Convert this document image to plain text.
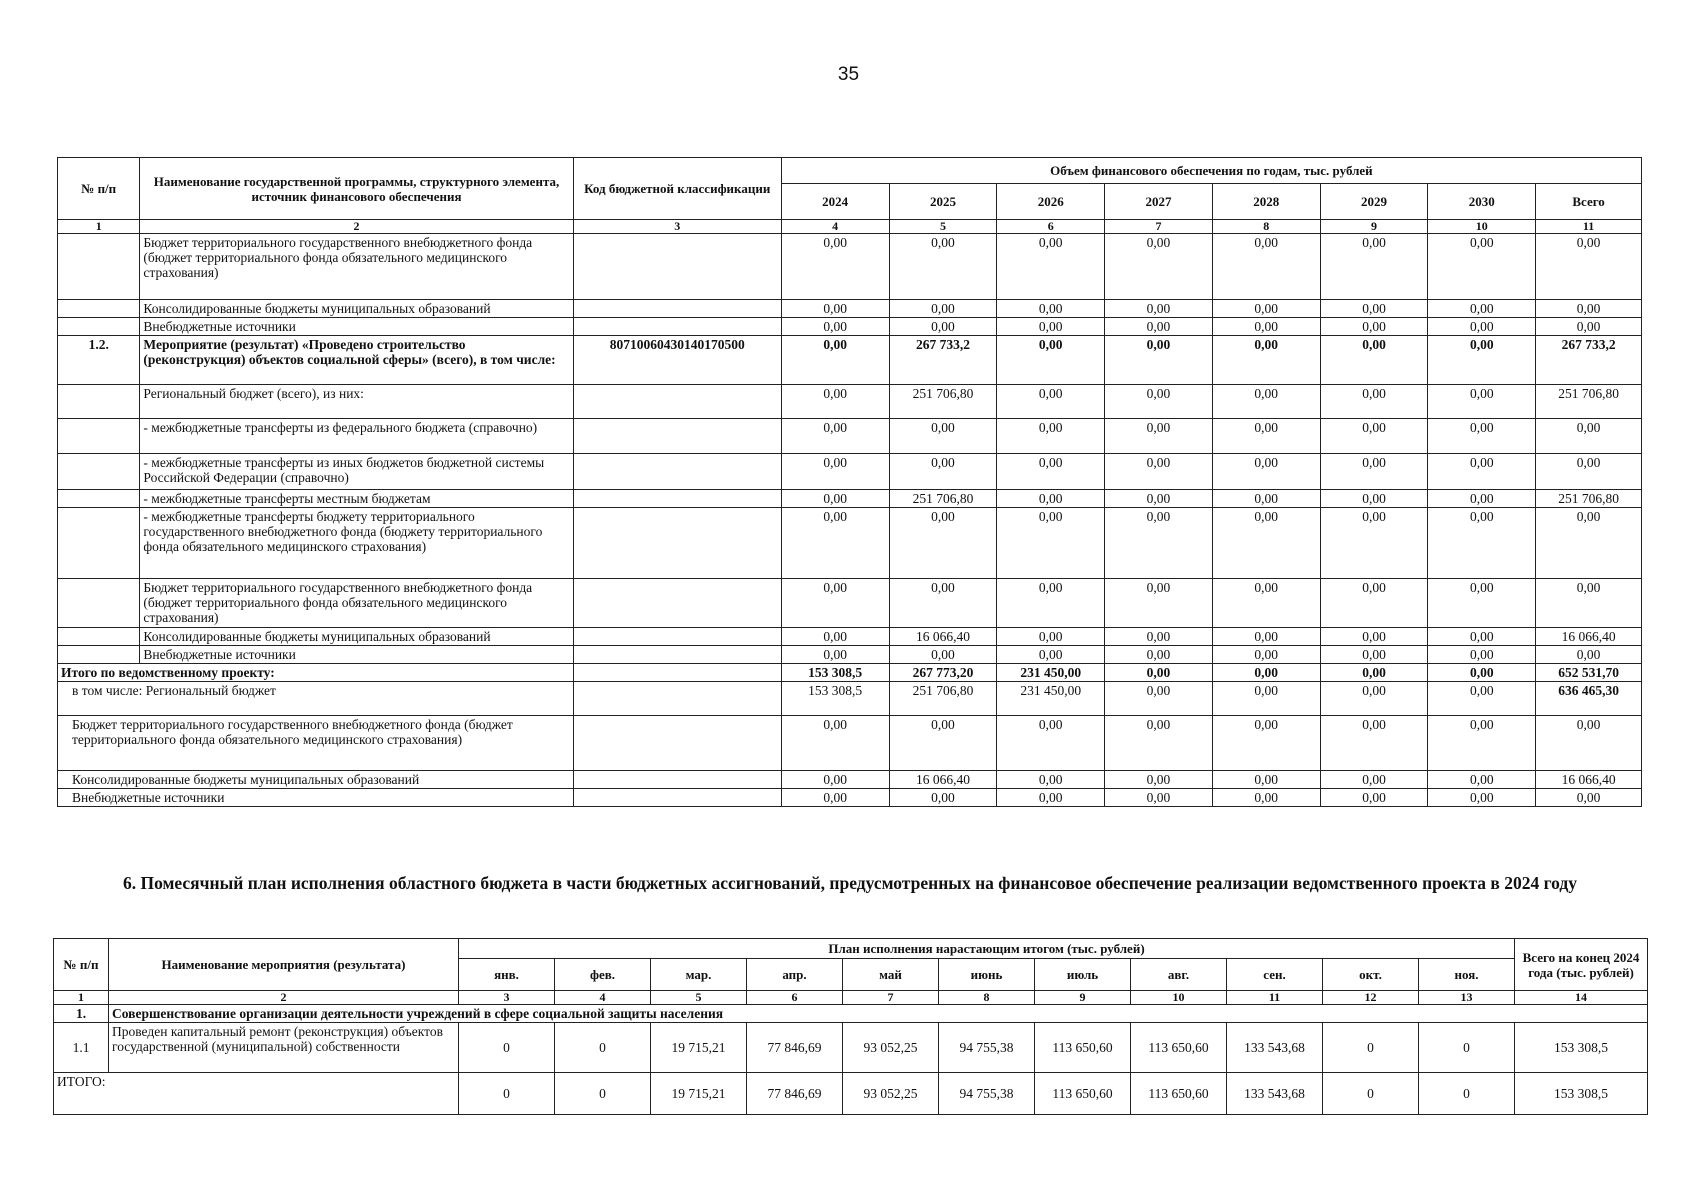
35
№ п/п	Наименование государственной программы, структурного элемента, источник финансового обеспечения	Код бюджетной классификации	Объем финансового обеспечения по годам, тыс. рублей							
			2024	2025	2026	2027	2028	2029	2030	Всего
1	2	3	4	5	6	7	8	9	10	11
	Бюджет территориального государственного внебюджетного фонда (бюджет территориального фонда обязательного медицинского страхования)		0,00	0,00	0,00	0,00	0,00	0,00	0,00	0,00
	Консолидированные бюджеты муниципальных образований		0,00	0,00	0,00	0,00	0,00	0,00	0,00	0,00
	Внебюджетные источники		0,00	0,00	0,00	0,00	0,00	0,00	0,00	0,00
1.2.	Мероприятие (результат) «Проведено строительство (реконструкция) объектов социальной сферы» (всего), в том числе:	80710060430140170500	0,00	267 733,2	0,00	0,00	0,00	0,00	0,00	267 733,2
	Региональный бюджет (всего), из них:		0,00	251 706,80	0,00	0,00	0,00	0,00	0,00	251 706,80
	- межбюджетные трансферты из федерального бюджета (справочно)		0,00	0,00	0,00	0,00	0,00	0,00	0,00	0,00
	- межбюджетные трансферты из иных бюджетов бюджетной системы Российской Федерации (справочно)		0,00	0,00	0,00	0,00	0,00	0,00	0,00	0,00
	- межбюджетные трансферты местным бюджетам		0,00	251 706,80	0,00	0,00	0,00	0,00	0,00	251 706,80
	- межбюджетные трансферты бюджету территориального государственного внебюджетного фонда (бюджету территориального фонда обязательного медицинского страхования)		0,00	0,00	0,00	0,00	0,00	0,00	0,00	0,00
	Бюджет территориального государственного внебюджетного фонда (бюджет территориального фонда обязательного медицинского страхования)		0,00	0,00	0,00	0,00	0,00	0,00	0,00	0,00
	Консолидированные бюджеты муниципальных образований		0,00	16 066,40	0,00	0,00	0,00	0,00	0,00	16 066,40
	Внебюджетные источники		0,00	0,00	0,00	0,00	0,00	0,00	0,00	0,00
Итого по ведомственному проекту:			153 308,5	267 773,20	231 450,00	0,00	0,00	0,00	0,00	652 531,70
в том числе: Региональный бюджет			153 308,5	251 706,80	231 450,00	0,00	0,00	0,00	0,00	636 465,30
Бюджет территориального государственного внебюджетного фонда (бюджет территориального фонда обязательного медицинского страхования)			0,00	0,00	0,00	0,00	0,00	0,00	0,00	0,00
Консолидированные бюджеты муниципальных образований			0,00	16 066,40	0,00	0,00	0,00	0,00	0,00	16 066,40
Внебюджетные источники			0,00	0,00	0,00	0,00	0,00	0,00	0,00	0,00
6. Помесячный план исполнения областного бюджета в части бюджетных ассигнований, предусмотренных на финансовое обеспечение реализации ведомственного проекта в 2024 году
№ п/п	Наименование мероприятия (результата)	План исполнения нарастающим итогом (тыс. рублей)											Всего на конец 2024 года (тыс. рублей)
		янв.	фев.	мар.	апр.	май	июнь	июль	авг.	сен.	окт.	ноя.	
1	2	3	4	5	6	7	8	9	10	11	12	13	14
1.	Совершенствование организации деятельности учреждений в сфере социальной защиты населения												
1.1	Проведен капитальный ремонт (реконструкция) объектов государственной (муниципальной) собственности	0	0	19 715,21	77 846,69	93 052,25	94 755,38	113 650,60	113 650,60	133 543,68	0	0	153 308,5
ИТОГО:		0	0	19 715,21	77 846,69	93 052,25	94 755,38	113 650,60	113 650,60	133 543,68	0	0	153 308,5
